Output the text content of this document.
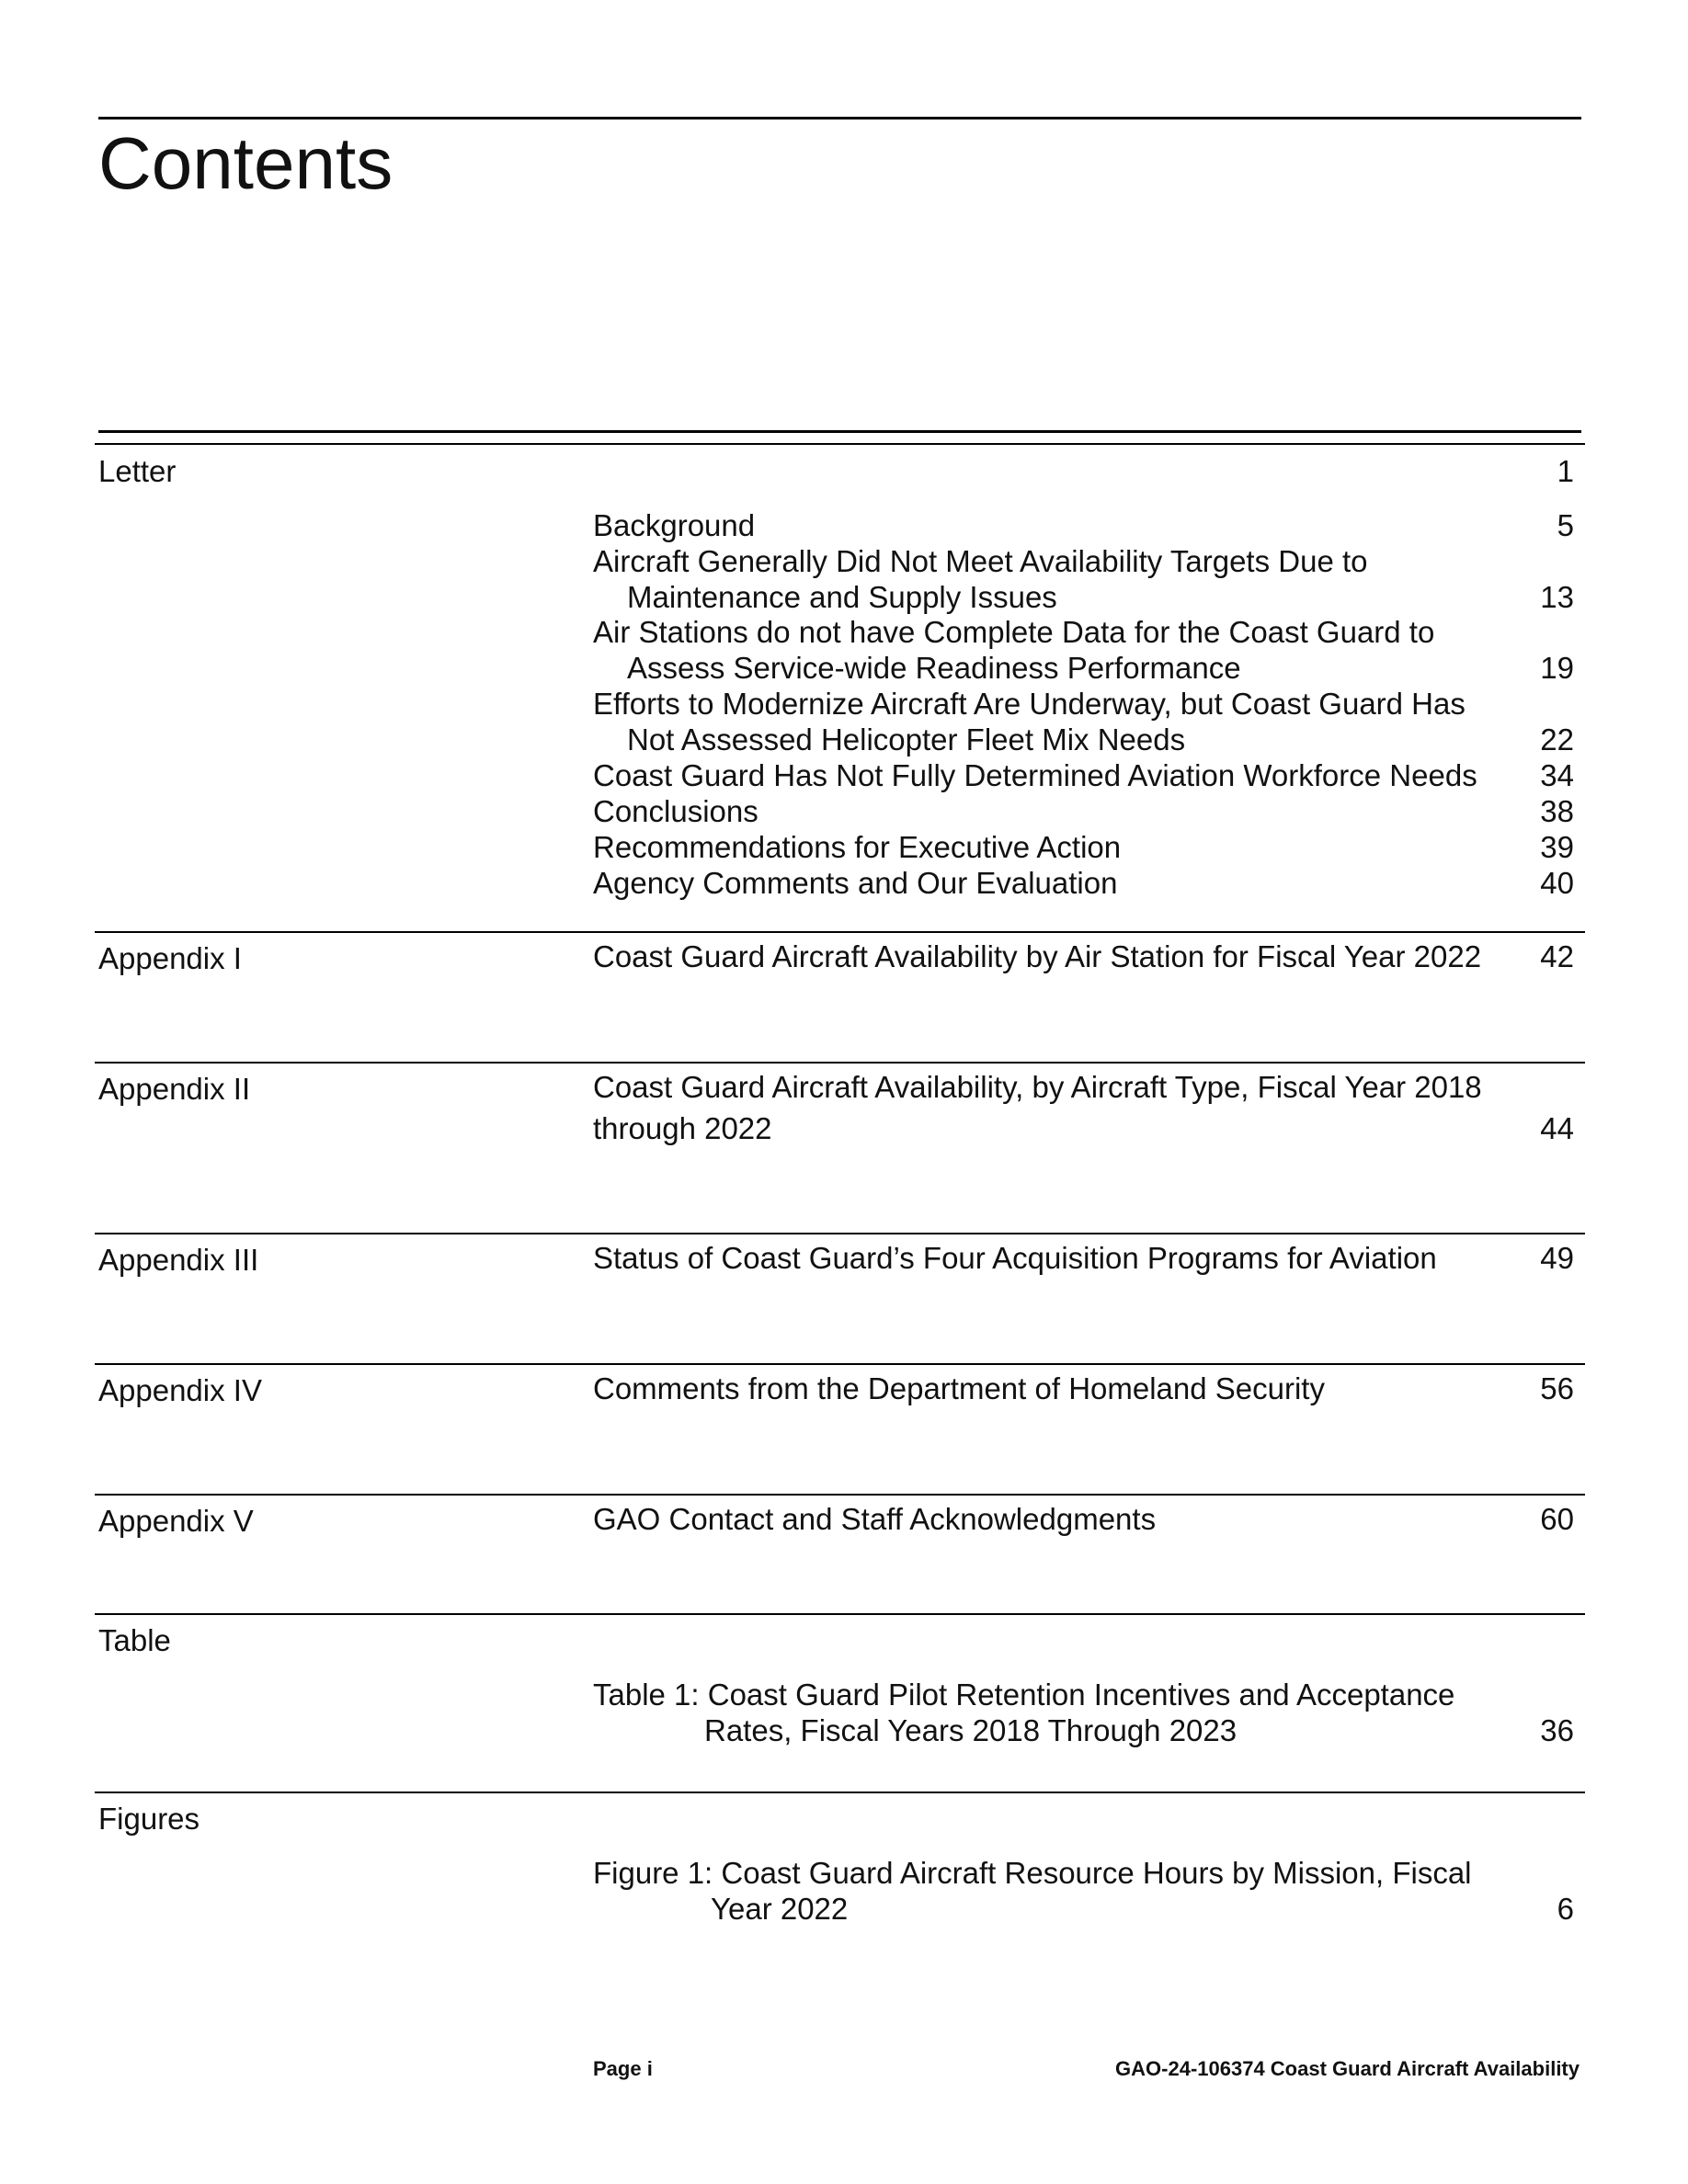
Contents
Letter	1
Background	5
Aircraft Generally Did Not Meet Availability Targets Due to
Maintenance and Supply Issues	13
Air Stations do not have Complete Data for the Coast Guard to
Assess Service-wide Readiness Performance	19
Efforts to Modernize Aircraft Are Underway, but Coast Guard Has
Not Assessed Helicopter Fleet Mix Needs	22
Coast Guard Has Not Fully Determined Aviation Workforce Needs	34
Conclusions	38
Recommendations for Executive Action	39
Agency Comments and Our Evaluation	40
Appendix I	Coast Guard Aircraft Availability by Air Station for Fiscal Year 2022	42
Appendix II	Coast Guard Aircraft Availability, by Aircraft Type, Fiscal Year 2018
through 2022	44
Appendix III	Status of Coast Guard’s Four Acquisition Programs for Aviation	49
Appendix IV	Comments from the Department of Homeland Security	56
Appendix V	GAO Contact and Staff Acknowledgments	60
Table
Table 1: Coast Guard Pilot Retention Incentives and Acceptance
Rates, Fiscal Years 2018 Through 2023	36
Figures
Figure 1: Coast Guard Aircraft Resource Hours by Mission, Fiscal
Year 2022	6
Page i	GAO-24-106374 Coast Guard Aircraft Availability
